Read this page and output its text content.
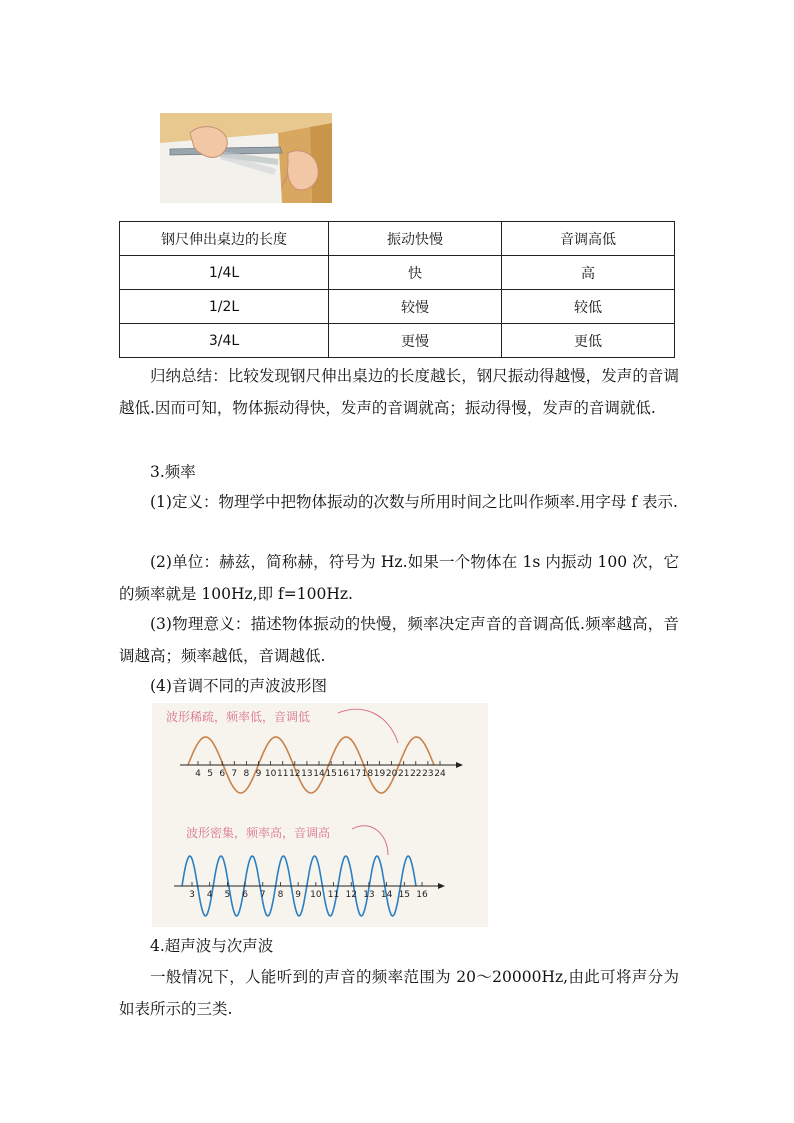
钢尺伸出桌边的长度	振动快慢	音调高低
1/4L	快	高
1/2L	较慢	较低
3/4L	更慢	更低

归纳总结：比较发现钢尺伸出桌边的长度越长，钢尺振动得越慢，发声的音调越低.因而可知，物体振动得快，发声的音调就高；振动得慢，发声的音调就低.

3.频率

(1)定义：物理学中把物体振动的次数与所用时间之比叫作频率.用字母 f 表示.

(2)单位：赫兹，简称赫，符号为 Hz.如果一个物体在 1s 内振动 100 次，它的频率就是 100Hz,即 f=100Hz.

(3)物理意义：描述物体振动的快慢，频率决定声音的音调高低.频率越高，音调越高；频率越低，音调越低.

(4)音调不同的声波波形图

波形稀疏，频率低，音调低
波形密集，频率高，音调高
4 5 6 7 8 9 10 11 12 13 14 15 16 17 18 19 20 21 22 23 24
3 4 5 6 7 8 9 10 11 12 13 14 15 16

4.超声波与次声波

一般情况下，人能听到的声音的频率范围为 20～20000Hz,由此可将声分为如表所示的三类.
